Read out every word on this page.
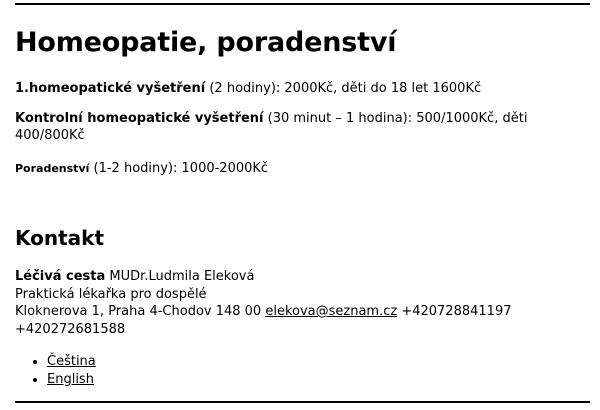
Homeopatie, poradenství

1.homeopatické vyšetření (2 hodiny): 2000Kč, děti do 18 let 1600Kč

Kontrolní homeopatické vyšetření (30 minut – 1 hodina): 500/1000Kč, děti 400/800Kč

Poradenství (1-2 hodiny): 1000-2000Kč

Kontakt
Léčivá cesta MUDr.Ludmila Eleková
Praktická lékařka pro dospělé
Kloknerova 1, Praha 4-Chodov 148 00 elekova@seznam.cz +420728841197 +420272681588
• Čeština
• English
